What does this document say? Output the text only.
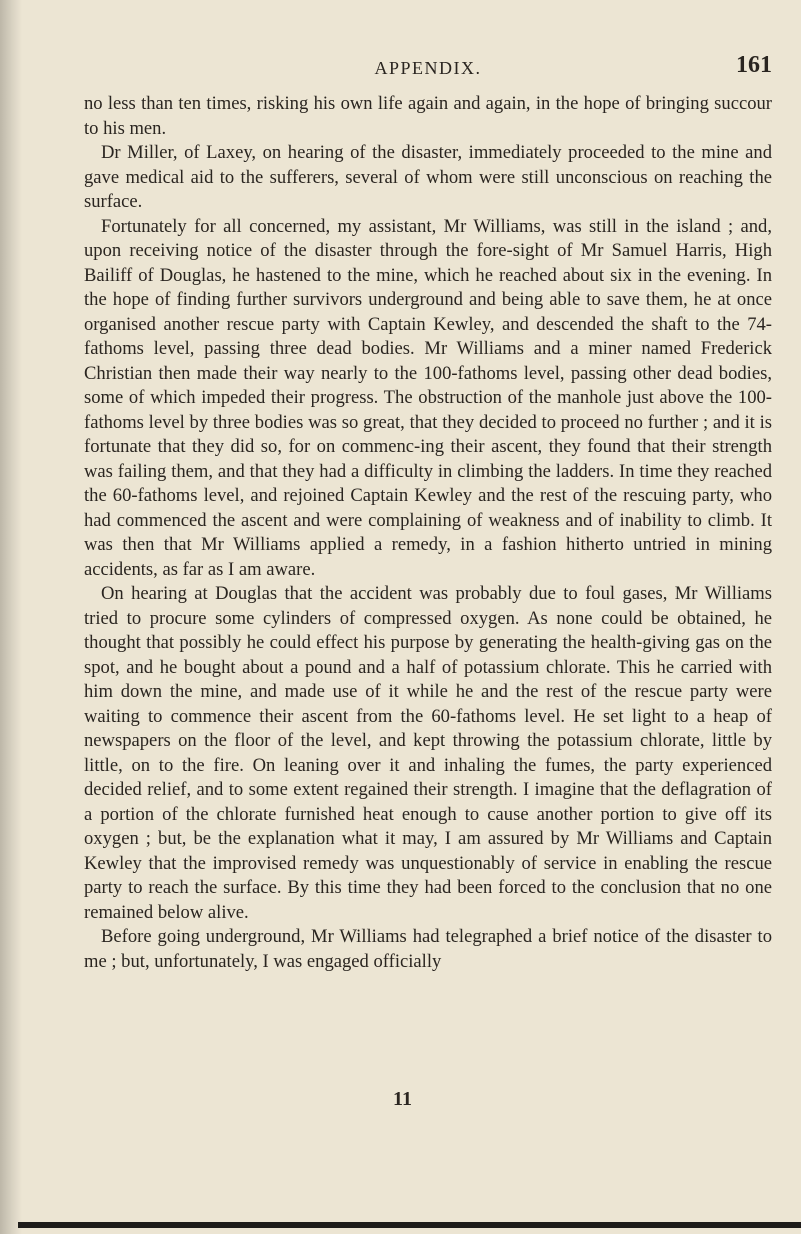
APPENDIX.	161

no less than ten times, risking his own life again and again, in the hope of bringing succour to his men.

Dr Miller, of Laxey, on hearing of the disaster, immediately proceeded to the mine and gave medical aid to the sufferers, several of whom were still unconscious on reaching the surface.

Fortunately for all concerned, my assistant, Mr Williams, was still in the island ; and, upon receiving notice of the disaster through the fore-sight of Mr Samuel Harris, High Bailiff of Douglas, he hastened to the mine, which he reached about six in the evening. In the hope of finding further survivors underground and being able to save them, he at once organised another rescue party with Captain Kewley, and descended the shaft to the 74-fathoms level, passing three dead bodies. Mr Williams and a miner named Frederick Christian then made their way nearly to the 100-fathoms level, passing other dead bodies, some of which impeded their progress. The obstruction of the manhole just above the 100-fathoms level by three bodies was so great, that they decided to proceed no further ; and it is fortunate that they did so, for on commenc-ing their ascent, they found that their strength was failing them, and that they had a difficulty in climbing the ladders. In time they reached the 60-fathoms level, and rejoined Captain Kewley and the rest of the rescuing party, who had commenced the ascent and were complaining of weakness and of inability to climb. It was then that Mr Williams applied a remedy, in a fashion hitherto untried in mining accidents, as far as I am aware.

On hearing at Douglas that the accident was probably due to foul gases, Mr Williams tried to procure some cylinders of compressed oxygen. As none could be obtained, he thought that possibly he could effect his purpose by generating the health-giving gas on the spot, and he bought about a pound and a half of potassium chlorate. This he carried with him down the mine, and made use of it while he and the rest of the rescue party were waiting to commence their ascent from the 60-fathoms level. He set light to a heap of newspapers on the floor of the level, and kept throwing the potassium chlorate, little by little, on to the fire. On leaning over it and inhaling the fumes, the party experienced decided relief, and to some extent regained their strength. I imagine that the deflagration of a portion of the chlorate furnished heat enough to cause another portion to give off its oxygen ; but, be the explanation what it may, I am assured by Mr Williams and Captain Kewley that the improvised remedy was unquestionably of service in enabling the rescue party to reach the surface. By this time they had been forced to the conclusion that no one remained below alive.

Before going underground, Mr Williams had telegraphed a brief notice of the disaster to me ; but, unfortunately, I was engaged officially

11
